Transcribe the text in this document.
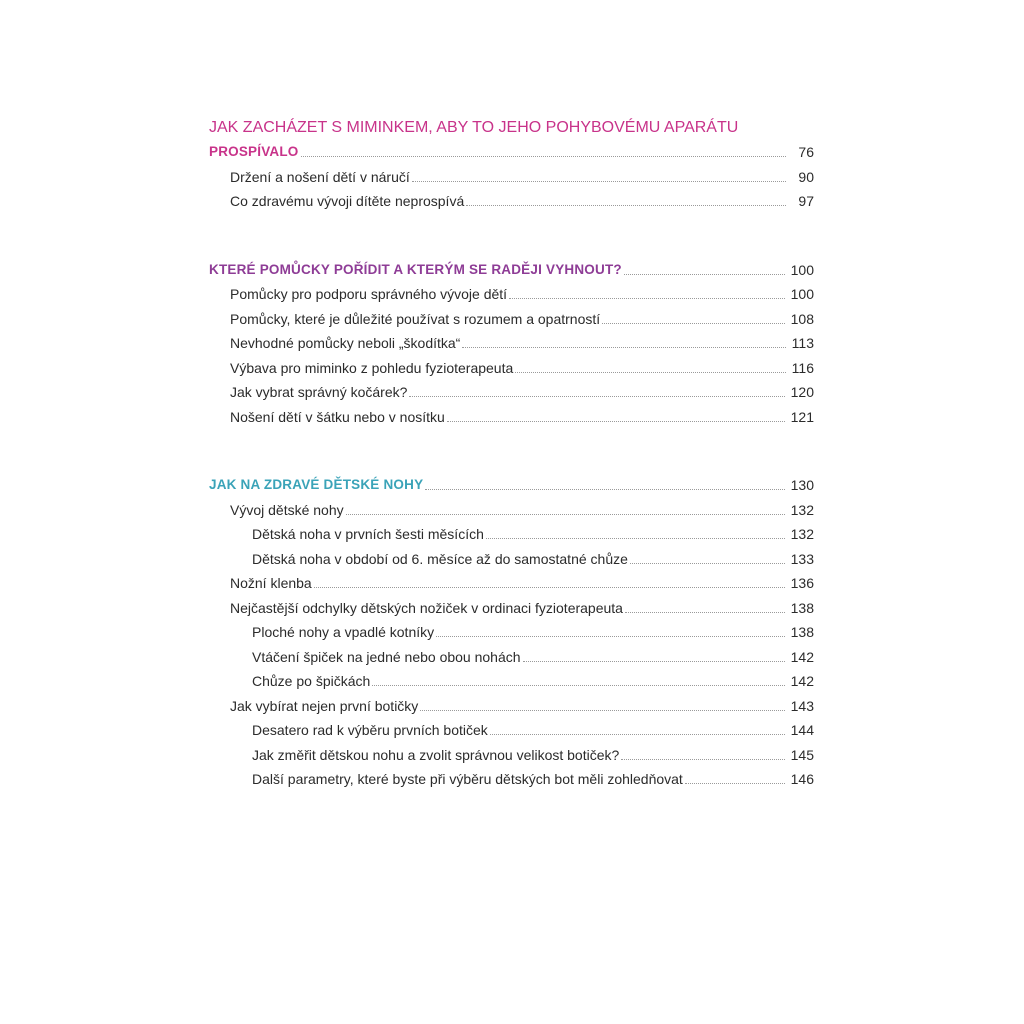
JAK ZACHÁZET S MIMINKEM, ABY TO JEHO POHYBOVÉMU APARÁTU
PROSPÍVALO	76
Držení a nošení dětí v náručí	90
Co zdravému vývoji dítěte neprospívá	97
KTERÉ POMŮCKY POŘÍDIT A KTERÝM SE RADĚJI VYHNOUT?	100
Pomůcky pro podporu správného vývoje dětí	100
Pomůcky, které je důležité používat s rozumem a opatrností	108
Nevhodné pomůcky neboli „škodítka“	113
Výbava pro miminko z pohledu fyzioterapeuta	116
Jak vybrat správný kočárek?	120
Nošení dětí v šátku nebo v nosítku	121
JAK NA ZDRAVÉ DĚTSKÉ NOHY	130
Vývoj dětské nohy	132
Dětská noha v prvních šesti měsících	132
Dětská noha v období od 6. měsíce až do samostatné chůze	133
Nožní klenba	136
Nejčastější odchylky dětských nožiček v ordinaci fyzioterapeuta	138
Ploché nohy a vpadlé kotníky	138
Vtáčení špiček na jedné nebo obou nohách	142
Chůze po špičkách	142
Jak vybírat nejen první botičky	143
Desatero rad k výběru prvních botiček	144
Jak změřit dětskou nohu a zvolit správnou velikost botiček?	145
Další parametry, které byste při výběru dětských bot měli zohledňovat	146
